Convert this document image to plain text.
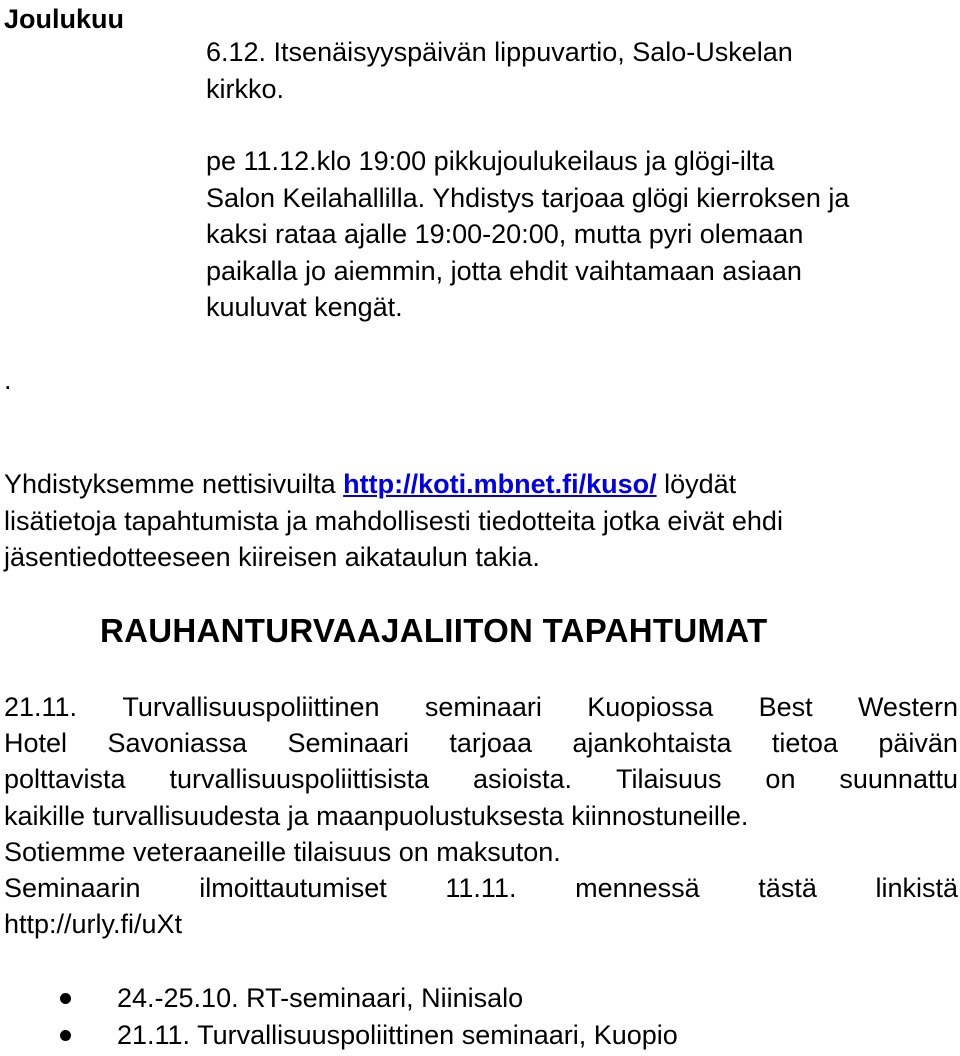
Joulukuu
6.12. Itsenäisyyspäivän lippuvartio, Salo-Uskelan
kirkko.
pe 11.12.klo 19:00 pikkujoulukeilaus ja glögi-ilta
Salon Keilahallilla. Yhdistys tarjoaa glögi kierroksen ja
kaksi rataa ajalle 19:00-20:00, mutta pyri olemaan
paikalla jo aiemmin, jotta ehdit vaihtamaan asiaan
kuuluvat kengät.
.
Yhdistyksemme nettisivuilta http://koti.mbnet.fi/kuso/ löydät
lisätietoja tapahtumista ja mahdollisesti tiedotteita jotka eivät ehdi
jäsentiedotteeseen kiireisen aikataulun takia.
RAUHANTURVAAJALIITON TAPAHTUMAT
21.11. Turvallisuuspoliittinen seminaari Kuopiossa Best Western
Hotel Savoniassa Seminaari tarjoaa ajankohtaista tietoa päivän
polttavista turvallisuuspoliittisista asioista. Tilaisuus on suunnattu
kaikille turvallisuudesta ja maanpuolustuksesta kiinnostuneille.
Sotiemme veteraaneille tilaisuus on maksuton.
Seminaarin ilmoittautumiset 11.11. mennessä tästä linkistä
http://urly.fi/uXt
24.-25.10. RT-seminaari, Niinisalo
21.11. Turvallisuuspoliittinen seminaari, Kuopio
